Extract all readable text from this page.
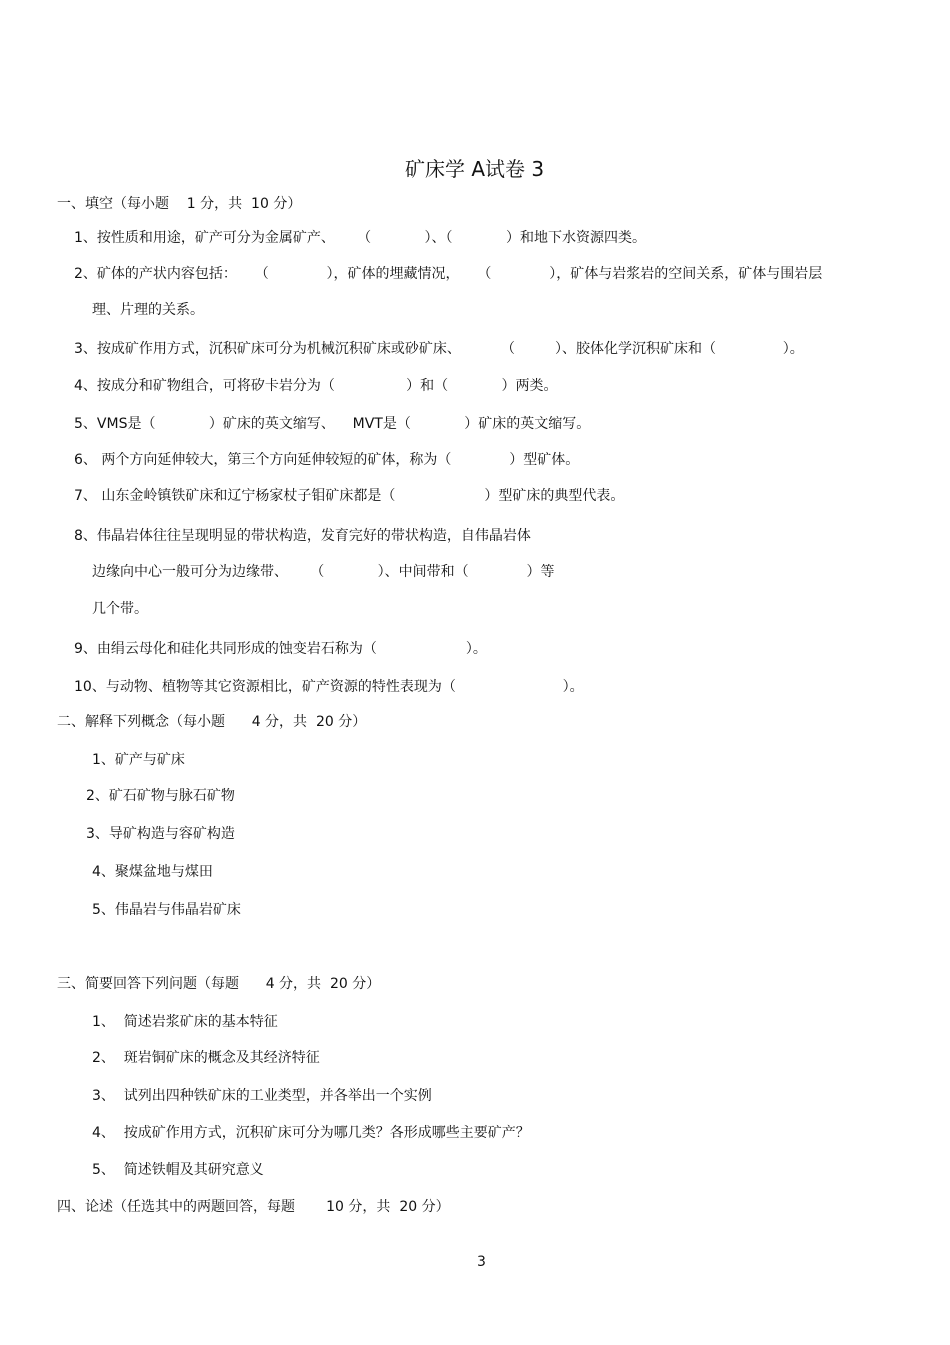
矿床学 A试卷 3
一、填空（每小题    1 分，共  10 分）
1、按性质和用途，矿产可分为金属矿产、     （            ）、（            ）和地下水资源四类。
2、矿体的产状内容包括：    （             ），矿体的埋藏情况，    （             ），矿体与岩浆岩的空间关系，矿体与围岩层
理、片理的关系。
3、按成矿作用方式，沉积矿床可分为机械沉积矿床或砂矿床、         （         ）、胶体化学沉积矿床和（               ）。
4、按成分和矿物组合，可将矽卡岩分为（                ）和（            ）两类。
5、VMS是（            ）矿床的英文缩写、    MVT是（            ）矿床的英文缩写。
6、 两个方向延伸较大，第三个方向延伸较短的矿体，称为（             ）型矿体。
7、 山东金岭镇铁矿床和辽宁杨家杖子钼矿床都是（                    ）型矿床的典型代表。
8、伟晶岩体往往呈现明显的带状构造，发育完好的带状构造，自伟晶岩体
边缘向中心一般可分为边缘带、     （            ）、中间带和（             ）等
几个带。
9、由绢云母化和硅化共同形成的蚀变岩石称为（                    ）。
10、与动物、植物等其它资源相比，矿产资源的特性表现为（                        ）。
二、解释下列概念（每小题      4 分，共  20 分）
1、矿产与矿床
2、矿石矿物与脉石矿物
3、导矿构造与容矿构造
4、聚煤盆地与煤田
5、伟晶岩与伟晶岩矿床
三、简要回答下列问题（每题      4 分，共  20 分）
1、  简述岩浆矿床的基本特征
2、  斑岩铜矿床的概念及其经济特征
3、  试列出四种铁矿床的工业类型，并各举出一个实例
4、  按成矿作用方式，沉积矿床可分为哪几类？各形成哪些主要矿产？
5、  简述铁帽及其研究意义
四、论述（任选其中的两题回答，每题       10 分，共  20 分）
3
